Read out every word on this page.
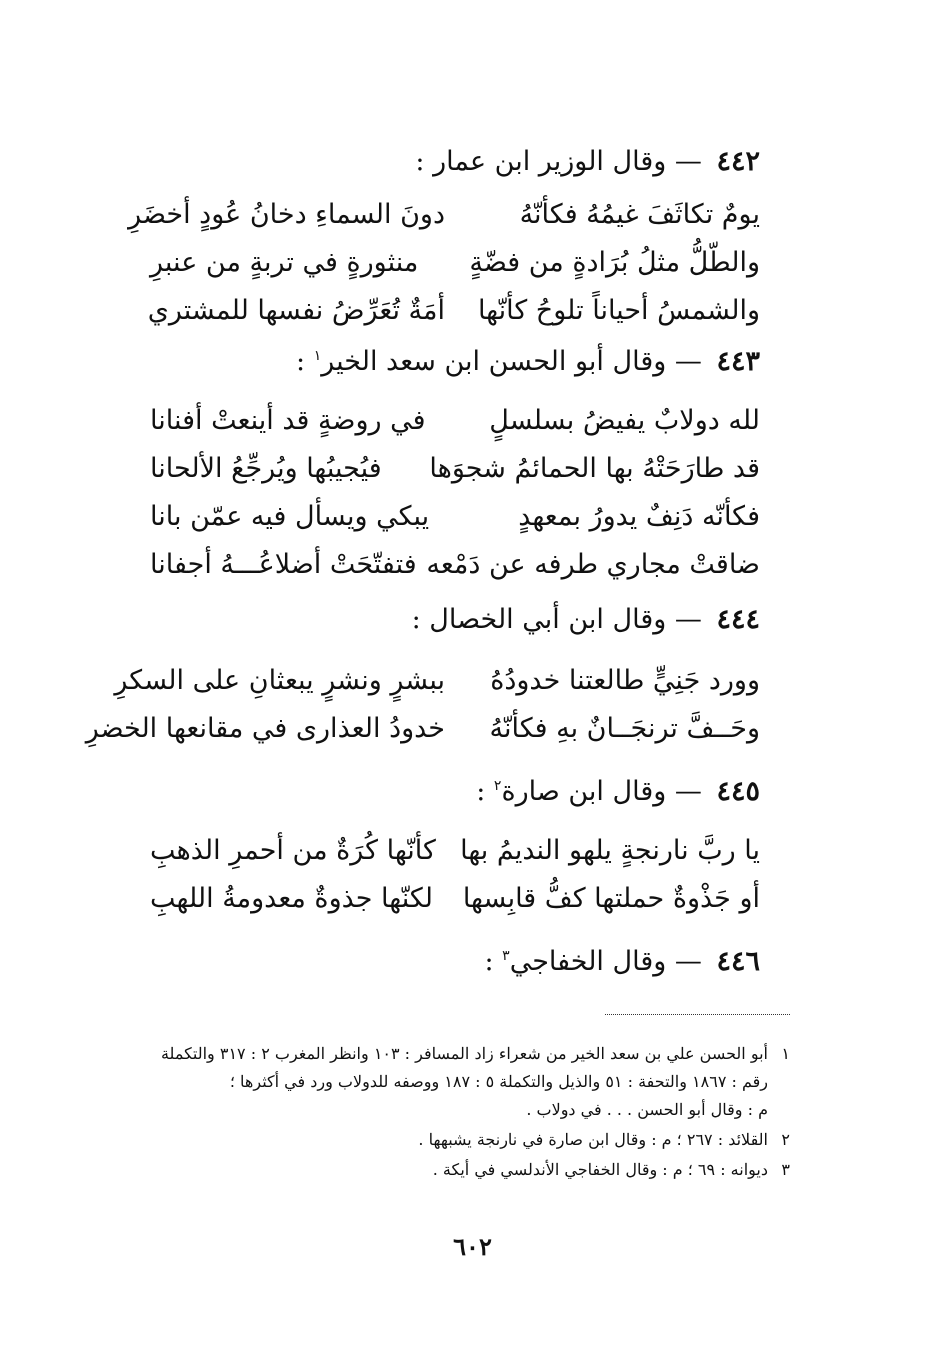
٤٤٢ — وقال الوزير ابن عمار :
يومٌ تكاثَفَ غيمُهُ فكأنّهُ
دونَ السماءِ دخانُ عُودٍ أخضَرِ
والطّلُّ مثلُ بُرَادةٍ من فضّةٍ
منثورةٍ في تربةٍ من عنبرِ
والشمسُ أحياناً تلوحُ كأنّها
أمَةٌ تُعَرِّضُ نفسها للمشتري
٤٤٣ — وقال أبو الحسن ابن سعد الخير$^١$ :
لله دولابٌ يفيضُ بسلسلٍ
في روضةٍ قد أينعتْ أفنانا
قد طارَحَتْهُ بها الحمائمُ شجوَها
فيُجيبُها ويُرجِّعُ الألحانا
فكأنّه دَنِفٌ يدورُ بمعهدٍ
يبكي ويسأل فيه عمّن بانا
ضاقتْ مجاري طرفه عن دَمْعه
فتفتّحَتْ أضلاعُـــهُ أجفانا
٤٤٤ — وقال ابن أبي الخصال :
وورد جَنِيٍّ طالعتنا خدودُهُ
ببشرٍ ونشرٍ يبعثانِ على السكرِ
وحَــفَّ ترنجَــانٌ بهِ فكأنّهُ
خدودُ العذارى في مقانعها الخضرِ
٤٤٥ — وقال ابن صارة$^٢$ :
يا ربَّ نارنجةٍ يلهو النديمُ بها
كأنّها كُرَةٌ من أحمرِ الذهبِ
أو جَذْوةٌ حملتها كفُّ قابِسها
لكنّها جذوةٌ معدومةُ اللهبِ
٤٤٦ — وقال الخفاجي$^٣$ :
١أبو الحسن علي بن سعد الخير من شعراء زاد المسافر : ١٠٣ وانظر المغرب ٢ : ٣١٧ والتكملة
رقم : ١٨٦٧ والتحفة : ٥١ والذيل والتكملة ٥ : ١٨٧ ووصفه للدولاب ورد في أكثرها ؛
م : وقال أبو الحسن . . . في دولاب .
٢القلائد : ٢٦٧ ؛ م : وقال ابن صارة في نارنجة يشبهها .
٣ديوانه : ٦٩ ؛ م : وقال الخفاجي الأندلسي في أيكة .
٦٠٢
